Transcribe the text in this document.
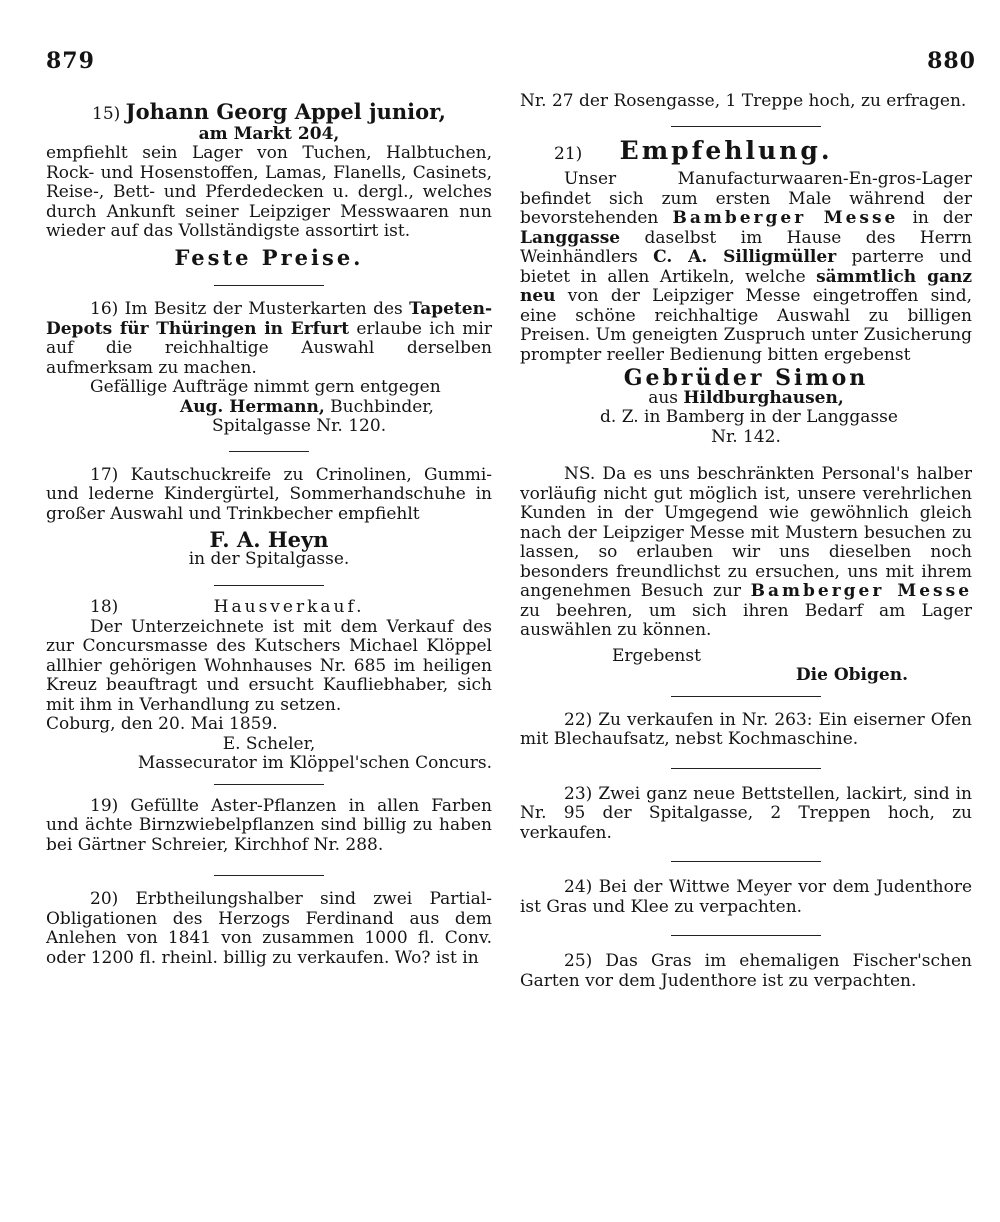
879	880

15) Johann Georg Appel junior,

am Markt 204,

empfiehlt sein Lager von Tuchen, Halbtuchen, Rock- und Hosenstoffen, Lamas, Flanells, Casinets, Reise-, Bett- und Pferdedecken u. dergl., welches durch Ankunft seiner Leipziger Messwaaren nun wieder auf das Vollständigste assortirt ist.

Feste Preise.

16) Im Besitz der Musterkarten des Tapeten-Depots für Thüringen in Erfurt erlaube ich mir auf die reichhaltige Auswahl derselben aufmerksam zu machen.

Gefällige Aufträge nimmt gern entgegen

Aug. Hermann, Buchbinder,

Spitalgasse Nr. 120.

17) Kautschuckreife zu Crinolinen, Gummi- und lederne Kindergürtel, Sommerhandschuhe in großer Auswahl und Trinkbecher empfiehlt

F. A. Heyn

in der Spitalgasse.

18)	Hausverkauf.

Der Unterzeichnete ist mit dem Verkauf des zur Concursmasse des Kutschers Michael Klöppel allhier gehörigen Wohnhauses Nr. 685 im heiligen Kreuz beauftragt und ersucht Kaufliebhaber, sich mit ihm in Verhandlung zu setzen.

Coburg, den 20. Mai 1859.

E. Scheler,

Massecurator im Klöppel'schen Concurs.

19) Gefüllte Aster-Pflanzen in allen Farben und ächte Birnzwiebelpflanzen sind billig zu haben bei Gärtner Schreier, Kirchhof Nr. 288.

20) Erbtheilungshalber sind zwei Partial-Obligationen des Herzogs Ferdinand aus dem Anlehen von 1841 von zusammen 1000 fl. Conv. oder 1200 fl. rheinl. billig zu verkaufen. Wo? ist in

Nr. 27 der Rosengasse, 1 Treppe hoch, zu erfragen.

21) Empfehlung.

Unser Manufacturwaaren-En-gros-Lager befindet sich zum ersten Male während der bevorstehenden Bamberger Messe in der Langgasse daselbst im Hause des Herrn Weinhändlers C. A. Silligmüller parterre und bietet in allen Artikeln, welche sämmtlich ganz neu von der Leipziger Messe eingetroffen sind, eine schöne reichhaltige Auswahl zu billigen Preisen. Um geneigten Zuspruch unter Zusicherung prompter reeller Bedienung bitten ergebenst

Gebrüder Simon

aus Hildburghausen,

d. Z. in Bamberg in der Langgasse

Nr. 142.

NS. Da es uns beschränkten Personal's halber vorläufig nicht gut möglich ist, unsere verehrlichen Kunden in der Umgegend wie gewöhnlich gleich nach der Leipziger Messe mit Mustern besuchen zu lassen, so erlauben wir uns dieselben noch besonders freundlichst zu ersuchen, uns mit ihrem angenehmen Besuch zur Bamberger Messe zu beehren, um sich ihren Bedarf am Lager auswählen zu können.

Ergebenst

Die Obigen.

22) Zu verkaufen in Nr. 263: Ein eiserner Ofen mit Blechaufsatz, nebst Kochmaschine.

23) Zwei ganz neue Bettstellen, lackirt, sind in Nr. 95 der Spitalgasse, 2 Treppen hoch, zu verkaufen.

24) Bei der Wittwe Meyer vor dem Judenthore ist Gras und Klee zu verpachten.

25) Das Gras im ehemaligen Fischer'schen Garten vor dem Judenthore ist zu verpachten.
